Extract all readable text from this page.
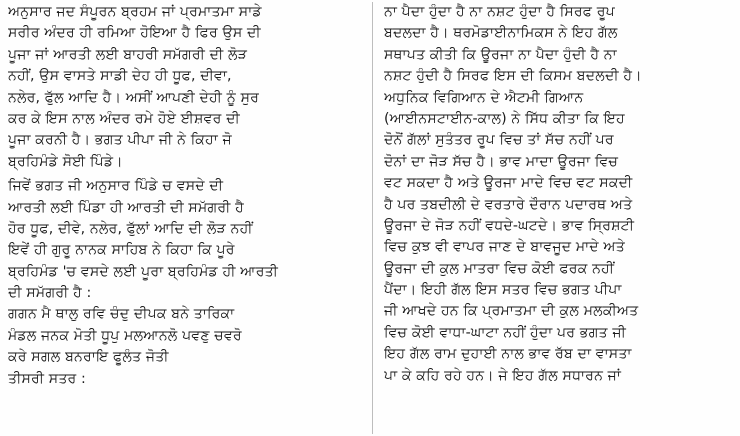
ਅਨੁਸਾਰ ਜਦ ਸੰਪੂਰਨ ਬ੍ਰਹਮ ਜਾਂ ਪ੍ਰਮਾਤਮਾ ਸਾਡੇ
ਸਰੀਰ ਅੰਦਰ ਹੀ ਰਮਿਆ ਹੋਇਆ ਹੈ ਫਿਰ ਉਸ ਦੀ
ਪੂਜਾ ਜਾਂ ਆਰਤੀ ਲਈ ਬਾਹਰੀ ਸਮੱਗਰੀ ਦੀ ਲੋੜ
ਨਹੀਂ, ਉਸ ਵਾਸਤੇ ਸਾਡੀ ਦੇਹ ਹੀ ਧੂਫ, ਦੀਵਾ,
ਨਲੇਰ, ਫੁੱਲ ਆਦਿ ਹੈ। ਅਸੀਂ ਆਪਣੀ ਦੇਹੀ ਨੂੰ ਸੁਰ
ਕਰ ਕੇ ਇਸ ਨਾਲ ਅੰਦਰ ਰਮੇ ਹੋਏ ਈਸ਼ਵਰ ਦੀ
ਪੂਜਾ ਕਰਨੀ ਹੈ। ਭਗਤ ਪੀਪਾ ਜੀ ਨੇ ਕਿਹਾ ਜੋ
ਬ੍ਰਹਿਮੰਡੇ ਸੋਈ ਪਿੰਡੇ।
ਜਿਵੇਂ ਭਗਤ ਜੀ ਅਨੁਸਾਰ ਪਿੰਡੇ ਚ ਵਸਦੇ ਦੀ
ਆਰਤੀ ਲਈ ਪਿੰਡਾ ਹੀ ਆਰਤੀ ਦੀ ਸਮੱਗਰੀ ਹੈ
ਹੋਰ ਧੂਫ, ਦੀਵੇ, ਨਲੇਰ, ਫੁੱਲਾਂ ਆਦਿ ਦੀ ਲੋੜ ਨਹੀਂ
ਇਵੇਂ ਹੀ ਗੁਰੂ ਨਾਨਕ ਸਾਹਿਬ ਨੇ ਕਿਹਾ ਕਿ ਪੂਰੇ
ਬ੍ਰਹਿਮੰਡ 'ਚ ਵਸਦੇ ਲਈ ਪੂਰਾ ਬ੍ਰਹਿਮੰਡ ਹੀ ਆਰਤੀ
ਦੀ ਸਮੱਗਰੀ ਹੈ :
ਗਗਨ ਮੈ ਥਾਲੁ ਰਵਿ ਚੰਦੁ ਦੀਪਕ ਬਨੇ ਤਾਰਿਕਾ
ਮੰਡਲ ਜਨਕ ਮੋਤੀ ਧੂਪੁ ਮਲਆਨਲੋ ਪਵਣੁ ਚਵਰੋ
ਕਰੇ ਸਗਲ ਬਨਰਾਇ ਫੂਲੰਤ ਜੋਤੀ
ਤੀਸਰੀ ਸਤਰ :
ਨਾ ਪੈਦਾ ਹੁੰਦਾ ਹੈ ਨਾ ਨਸ਼ਟ ਹੁੰਦਾ ਹੈ ਸਿਰਫ ਰੂਪ
ਬਦਲਦਾ ਹੈ। ਥਰਮੋਡਾਈਨਾਮਿਕਸ ਨੇ ਇਹ ਗੱਲ
ਸਥਾਪਤ ਕੀਤੀ ਕਿ ਊਰਜਾ ਨਾ ਪੈਦਾ ਹੁੰਦੀ ਹੈ ਨਾ
ਨਸ਼ਟ ਹੁੰਦੀ ਹੈ ਸਿਰਫ ਇਸ ਦੀ ਕਿਸਮ ਬਦਲਦੀ ਹੈ।
ਅਧੁਨਿਕ ਵਿਗਿਆਨ ਦੇ ਐਟਮੀ ਗਿਆਨ
(ਆਈਨਸਟਾਈਨ-ਕਾਲ) ਨੇ ਸਿੱਧ ਕੀਤਾ ਕਿ ਇਹ
ਦੋਨੋਂ ਗੱਲਾਂ ਸੁਤੰਤਰ ਰੂਪ ਵਿਚ ਤਾਂ ਸੱਚ ਨਹੀਂ ਪਰ
ਦੋਨਾਂ ਦਾ ਜੋੜ ਸੱਚ ਹੈ। ਭਾਵ ਮਾਦਾ ਊਰਜਾ ਵਿਚ
ਵਟ ਸਕਦਾ ਹੈ ਅਤੇ ਊਰਜਾ ਮਾਦੇ ਵਿਚ ਵਟ ਸਕਦੀ
ਹੈ ਪਰ ਤਬਦੀਲੀ ਦੇ ਵਰਤਾਰੇ ਦੌਰਾਨ ਪਦਾਰਥ ਅਤੇ
ਊਰਜਾ ਦੇ ਜੋੜ ਨਹੀਂ ਵਧਦੇ-ਘਟਦੇ। ਭਾਵ ਸ੍ਰਿਸ਼ਟੀ
ਵਿਚ ਕੁਝ ਵੀ ਵਾਪਰ ਜਾਣ ਦੇ ਬਾਵਜੂਦ ਮਾਦੇ ਅਤੇ
ਊਰਜਾ ਦੀ ਕੁਲ ਮਾਤਰਾ ਵਿਚ ਕੋਈ ਫਰਕ ਨਹੀਂ
ਪੈਂਦਾ। ਇਹੀ ਗੱਲ ਇਸ ਸਤਰ ਵਿਚ ਭਗਤ ਪੀਪਾ
ਜੀ ਆਖਦੇ ਹਨ ਕਿ ਪ੍ਰਮਾਤਮਾ ਦੀ ਕੁਲ ਮਲਕੀਅਤ
ਵਿਚ ਕੋਈ ਵਾਧਾ-ਘਾਟਾ ਨਹੀਂ ਹੁੰਦਾ ਪਰ ਭਗਤ ਜੀ
ਇਹ ਗੱਲ ਰਾਮ ਦੁਹਾਈ ਨਾਲ ਭਾਵ ਰੱਬ ਦਾ ਵਾਸਤਾ
ਪਾ ਕੇ ਕਹਿ ਰਹੇ ਹਨ। ਜੇ ਇਹ ਗੱਲ ਸਧਾਰਨ ਜਾਂ
